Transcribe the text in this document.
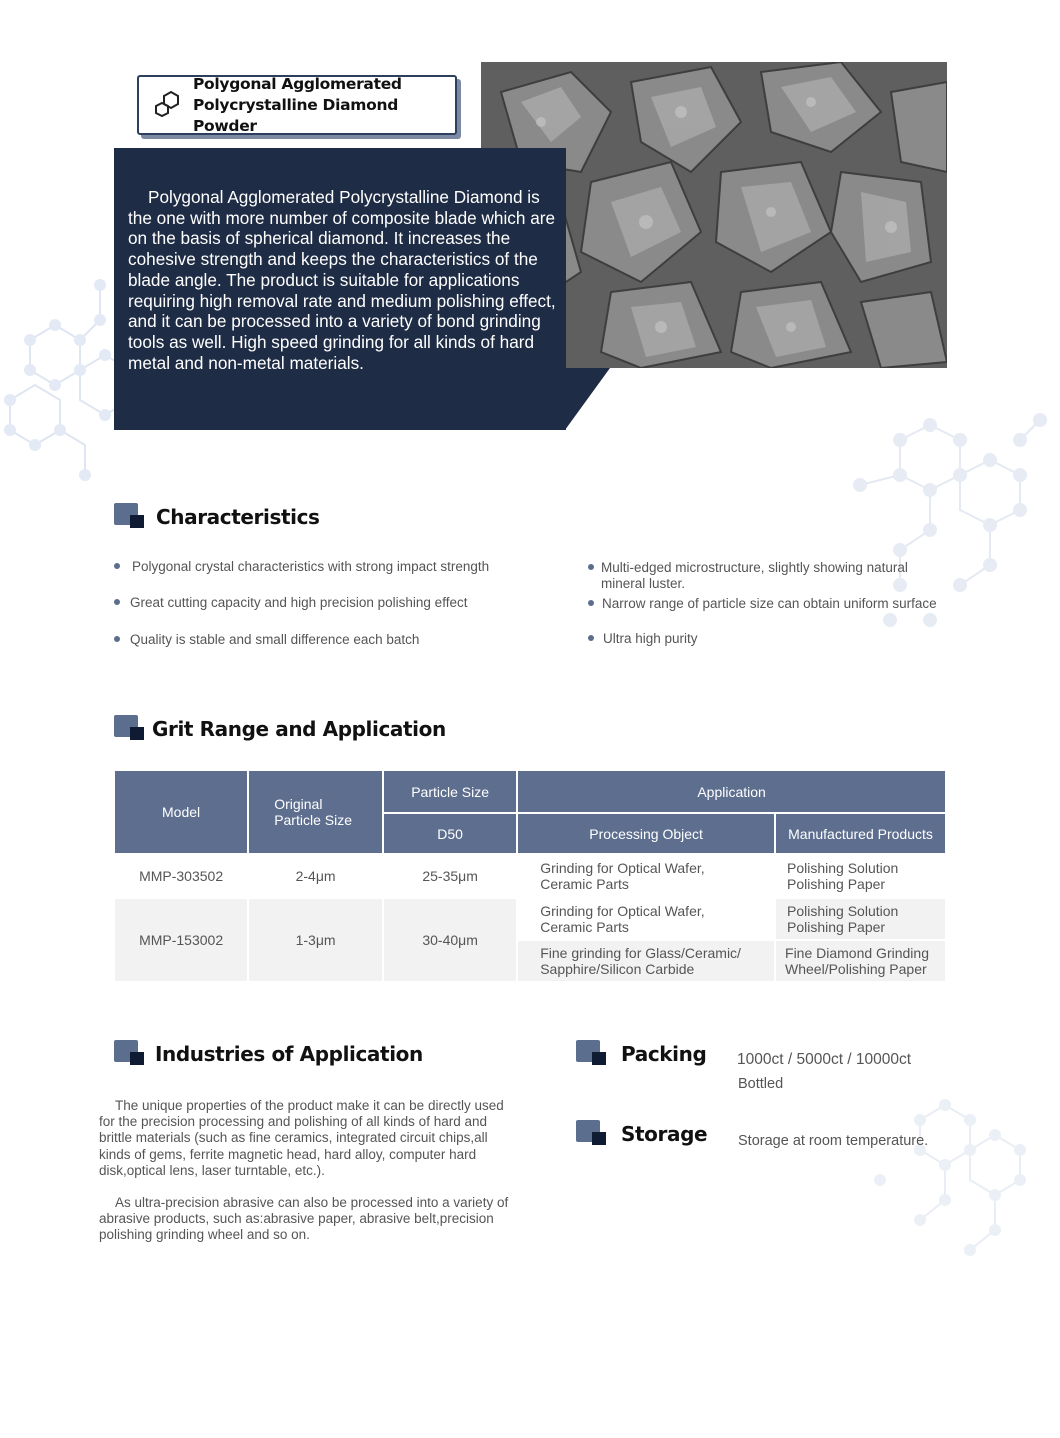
Polygonal Agglomerated Polycrystalline Diamond is the one with more number of composite blade which are on the basis of spherical diamond. It increases the cohesive strength and keeps the characteristics of the blade angle. The product is suitable for applications requiring high removal rate and medium polishing effect, and it can be processed into a variety of bond grinding tools as well. High speed grinding for all kinds of hard metal and non-metal materials.

Polygonal Agglomerated
Polycrystalline Diamond Powder
Characteristics
Polygonal crystal characteristics with strong impact strength
Great cutting capacity and high precision polishing effect
Quality is stable and small difference each batch
Multi-edged microstructure, slightly showing natural mineral luster.
Narrow range of particle size can obtain uniform surface
Ultra high purity
Grit Range and Application
Model	Original Particle Size	Particle Size	Application	
		D50	Processing Object	Manufactured Products
MMP-303502	2-4μm	25-35μm	Grinding for Optical Wafer, Ceramic Parts	Polishing Solution Polishing Paper

MMP-153002	1-3μm	30-40μm	Grinding for Optical Wafer, Ceramic Parts	Polishing Solution Polishing Paper

			Fine grinding for Glass/Ceramic/ Sapphire/Silicon Carbide	Fine Diamond Grinding Wheel/Polishing Paper
Industries of Application

The unique properties of the product make it can be directly used for the precision processing and polishing of all kinds of hard and brittle materials (such as fine ceramics, integrated circuit chips,all kinds of gems, ferrite magnetic head, hard alloy, computer hard disk,optical lens, laser turntable, etc.).

As ultra-precision abrasive can also be processed into a variety of abrasive products, such as:abrasive paper, abrasive belt,precision polishing grinding wheel and so on.

Packing 1000ct / 5000ct / 10000ct
Bottled
Storage Storage at room temperature.
